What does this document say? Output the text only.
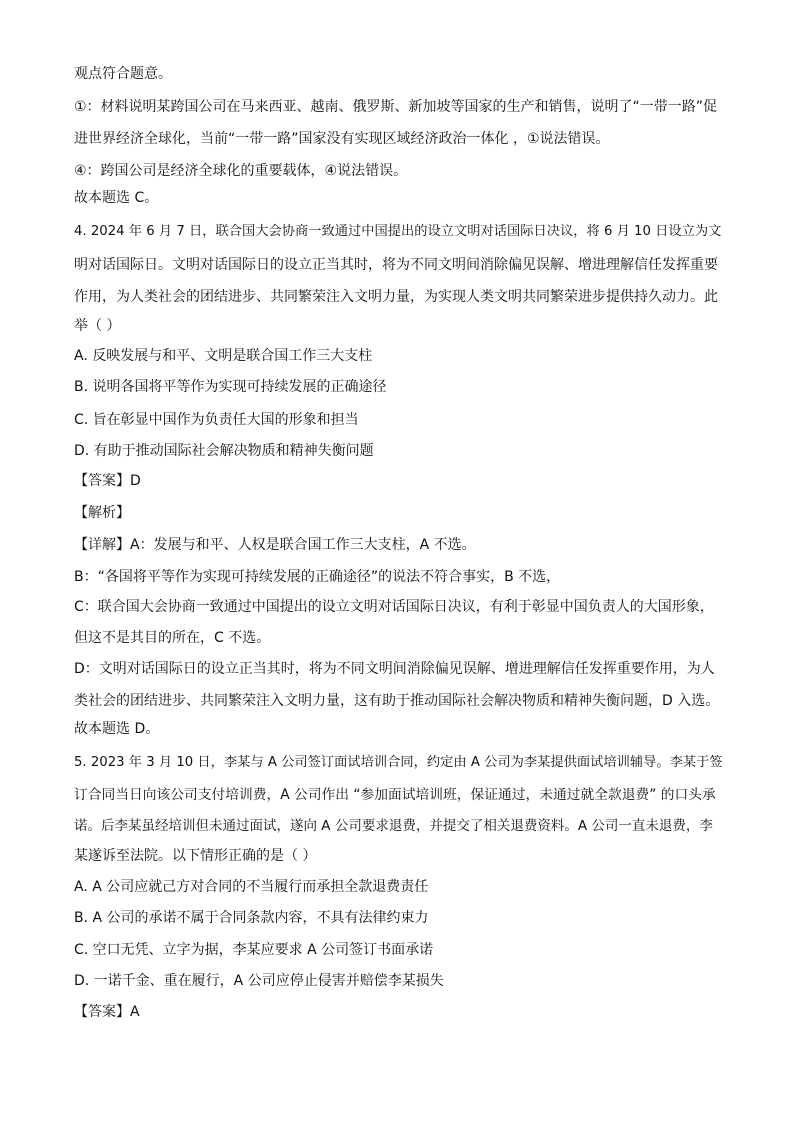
观点符合题意。
①：材料说明某跨国公司在马来西亚、越南、俄罗斯、新加坡等国家的生产和销售，说明了“一带一路”促
进世界经济全球化，当前“一带一路”国家没有实现区域经济政治一体化 ，①说法错误。
④：跨国公司是经济全球化的重要载体，④说法错误。
故本题选 C。
4. 2024 年 6 月 7 日，联合国大会协商一致通过中国提出的设立文明对话国际日决议，将 6 月 10 日设立为文
明对话国际日。文明对话国际日的设立正当其时，将为不同文明间消除偏见误解、增进理解信任发挥重要
作用，为人类社会的团结进步、共同繁荣注入文明力量，为实现人类文明共同繁荣进步提供持久动力。此
举（ ）
A. 反映发展与和平、文明是联合国工作三大支柱
B. 说明各国将平等作为实现可持续发展的正确途径
C. 旨在彰显中国作为负责任大国的形象和担当
D. 有助于推动国际社会解决物质和精神失衡问题
【答案】D
【解析】
【详解】A：发展与和平、人权是联合国工作三大支柱，A 不选。
B：“各国将平等作为实现可持续发展的正确途径”的说法不符合事实，B 不选，
C：联合国大会协商一致通过中国提出的设立文明对话国际日决议，有利于彰显中国负责人的大国形象，
但这不是其目的所在，C 不选。
D：文明对话国际日的设立正当其时，将为不同文明间消除偏见误解、增进理解信任发挥重要作用，为人
类社会的团结进步、共同繁荣注入文明力量，这有助于推动国际社会解决物质和精神失衡问题，D 入选。
故本题选 D。
5. 2023 年 3 月 10 日，李某与 A 公司签订面试培训合同，约定由 A 公司为李某提供面试培训辅导。李某于签
订合同当日向该公司支付培训费，A 公司作出 “参加面试培训班，保证通过，未通过就全款退费” 的口头承
诺。后李某虽经培训但未通过面试，遂向 A 公司要求退费，并提交了相关退费资料。A 公司一直未退费，李
某遂诉至法院。以下情形正确的是（ ）
A. A 公司应就己方对合同的不当履行而承担全款退费责任
B. A 公司的承诺不属于合同条款内容，不具有法律约束力
C. 空口无凭、立字为据，李某应要求 A 公司签订书面承诺
D. 一诺千金、重在履行，A 公司应停止侵害并赔偿李某损失
【答案】A
